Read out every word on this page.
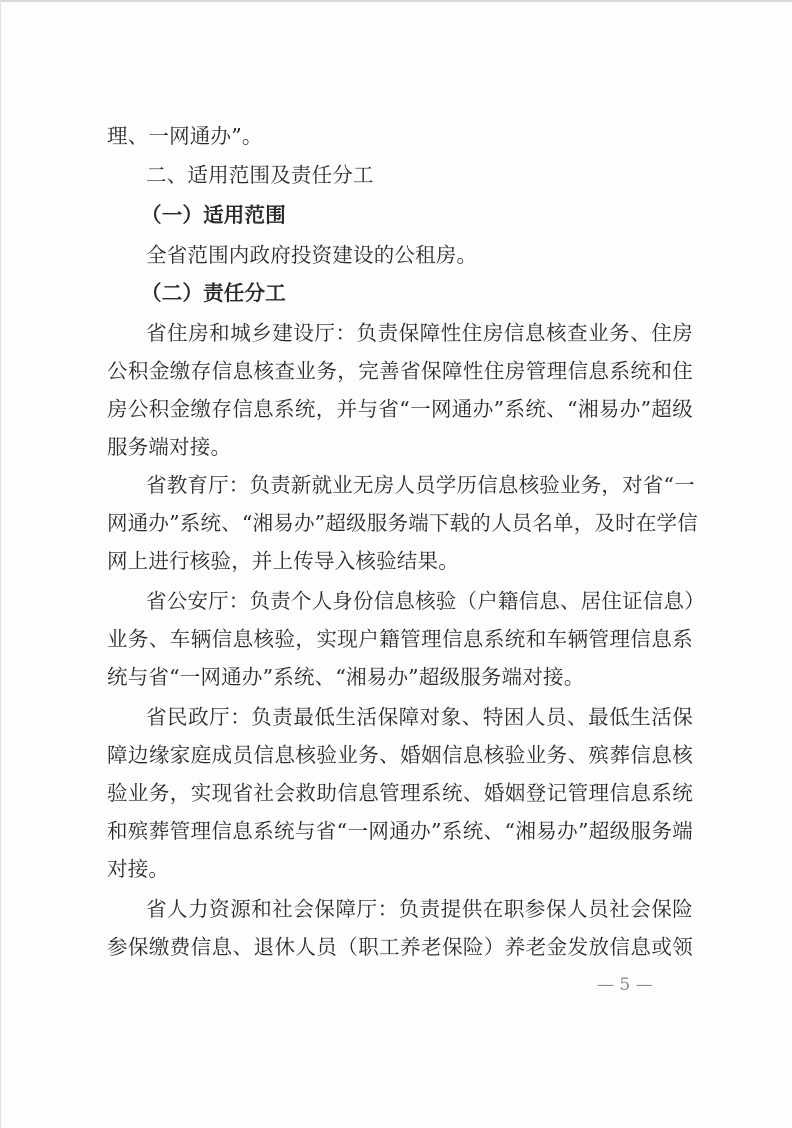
理、一网通办”。
二、适用范围及责任分工
（一）适用范围
全省范围内政府投资建设的公租房。
（二）责任分工
省住房和城乡建设厅：负责保障性住房信息核查业务、住房
公积金缴存信息核查业务，完善省保障性住房管理信息系统和住
房公积金缴存信息系统，并与省“一网通办”系统、“湘易办”超级
服务端对接。
省教育厅：负责新就业无房人员学历信息核验业务，对省“一
网通办”系统、“湘易办”超级服务端下载的人员名单，及时在学信
网上进行核验，并上传导入核验结果。
省公安厅：负责个人身份信息核验（户籍信息、居住证信息）
业务、车辆信息核验，实现户籍管理信息系统和车辆管理信息系
统与省“一网通办”系统、“湘易办”超级服务端对接。
省民政厅：负责最低生活保障对象、特困人员、最低生活保
障边缘家庭成员信息核验业务、婚姻信息核验业务、殡葬信息核
验业务，实现省社会救助信息管理系统、婚姻登记管理信息系统
和殡葬管理信息系统与省“一网通办”系统、“湘易办”超级服务端
对接。
省人力资源和社会保障厅：负责提供在职参保人员社会保险
参保缴费信息、退休人员（职工养老保险）养老金发放信息或领
— 5 —
